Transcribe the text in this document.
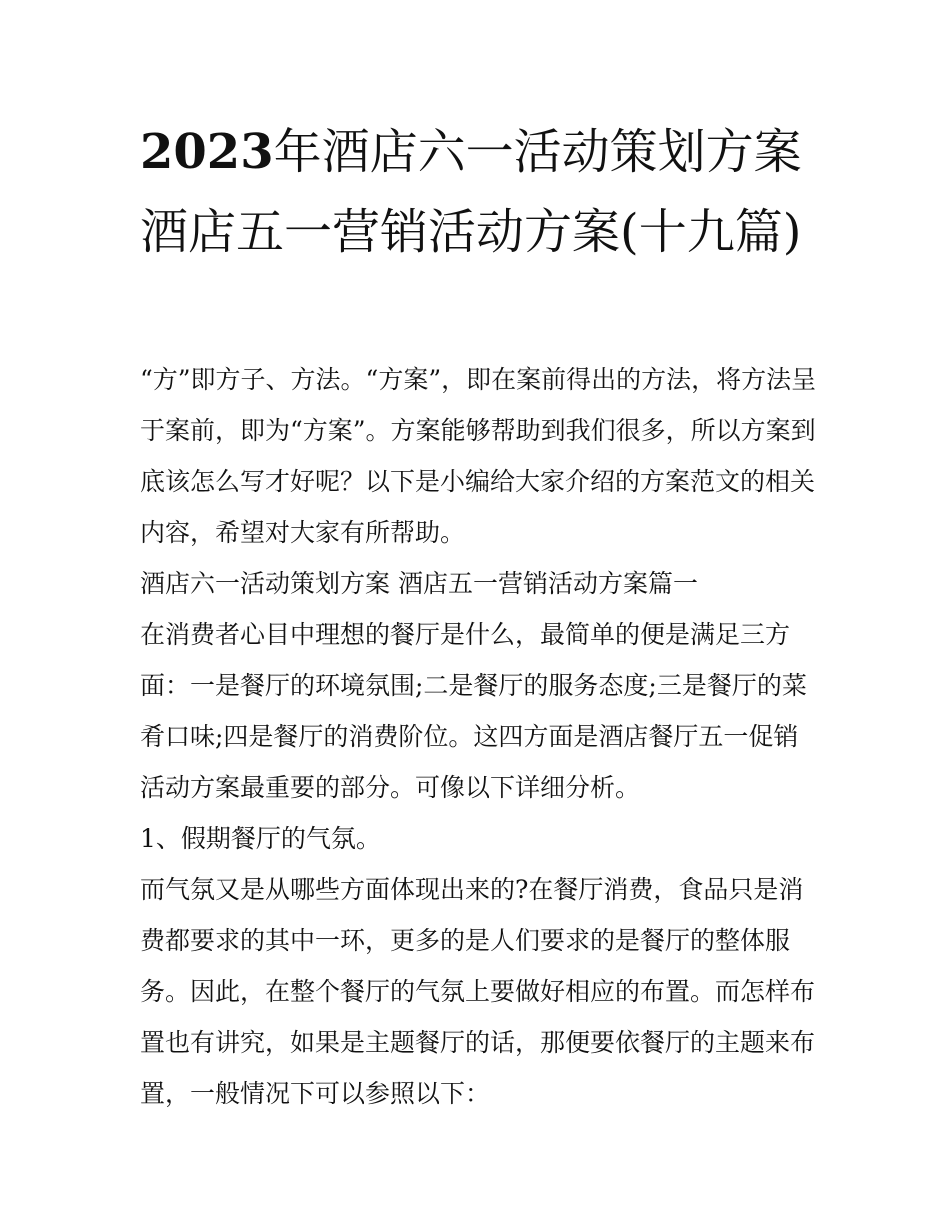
2023年酒店六一活动策划方案酒店五一营销活动方案(十九篇)

“方”即方子、方法。“方案”，即在案前得出的方法，将方法呈于案前，即为“方案”。方案能够帮助到我们很多，所以方案到底该怎么写才好呢？以下是小编给大家介绍的方案范文的相关内容，希望对大家有所帮助。

酒店六一活动策划方案 酒店五一营销活动方案篇一

在消费者心目中理想的餐厅是什么，最简单的便是满足三方面：一是餐厅的环境氛围;二是餐厅的服务态度;三是餐厅的菜肴口味;四是餐厅的消费阶位。这四方面是酒店餐厅五一促销活动方案最重要的部分。可像以下详细分析。

1、假期餐厅的气氛。

而气氛又是从哪些方面体现出来的?在餐厅消费，食品只是消费都要求的其中一环，更多的是人们要求的是餐厅的整体服务。因此，在整个餐厅的气氛上要做好相应的布置。而怎样布置也有讲究，如果是主题餐厅的话，那便要依餐厅的主题来布置，一般情况下可以参照以下：
